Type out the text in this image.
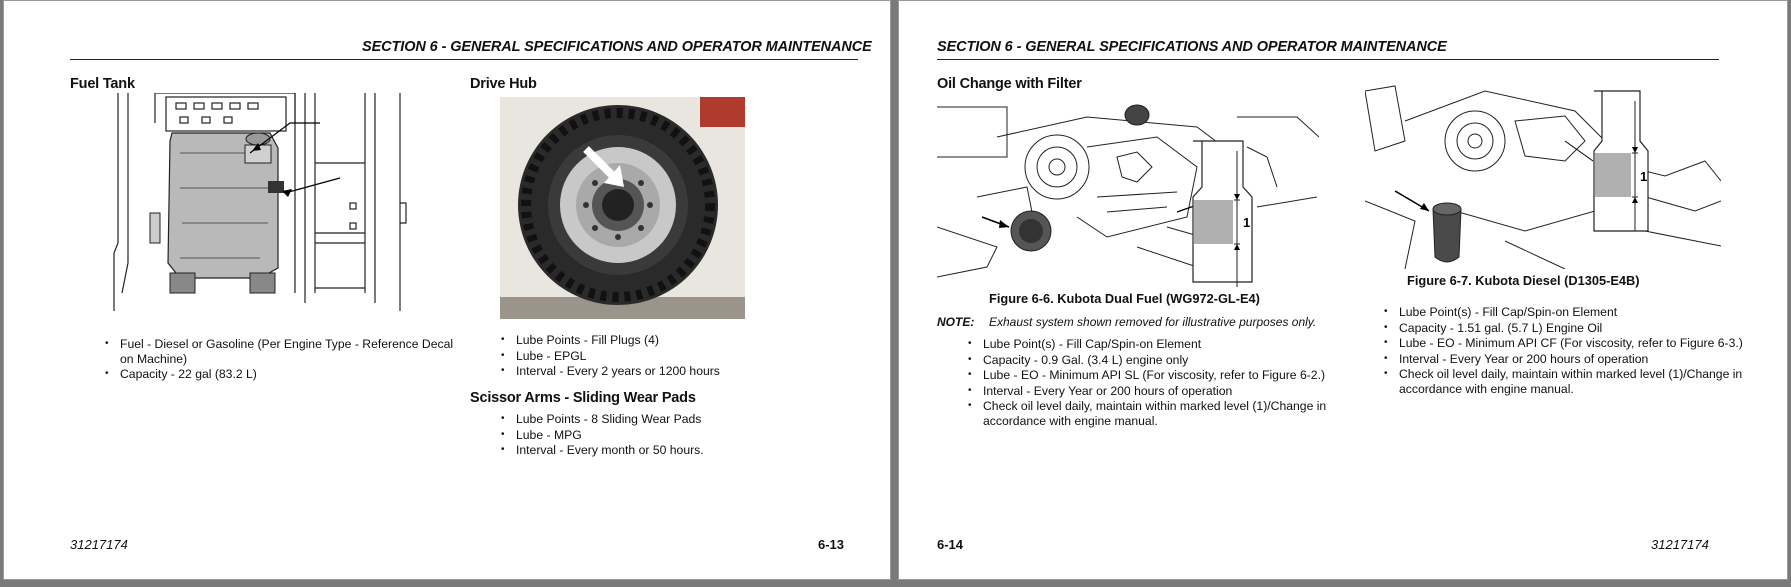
SECTION 6 - GENERAL SPECIFICATIONS AND OPERATOR MAINTENANCE
Fuel Tank
• Fuel - Diesel or Gasoline (Per Engine Type - Reference Decal on Machine)
• Capacity - 22 gal (83.2 L)
Drive Hub
• Lube Points - Fill Plugs (4)
• Lube - EPGL
• Interval - Every 2 years or 1200 hours
Scissor Arms - Sliding Wear Pads
• Lube Points - 8 Sliding Wear Pads
• Lube - MPG
• Interval - Every month or 50 hours.
31217174	6-13
SECTION 6 - GENERAL SPECIFICATIONS AND OPERATOR MAINTENANCE
Oil Change with Filter
1
Figure 6-6. Kubota Dual Fuel (WG972-GL-E4)
NOTE: Exhaust system shown removed for illustrative purposes only.
• Lube Point(s) - Fill Cap/Spin-on Element
• Capacity - 0.9 Gal. (3.4 L) engine only
• Lube - EO - Minimum API SL (For viscosity, refer to Figure 6-2.)
• Interval - Every Year or 200 hours of operation
• Check oil level daily, maintain within marked level (1)/Change in accordance with engine manual.
1
Figure 6-7. Kubota Diesel (D1305-E4B)
• Lube Point(s) - Fill Cap/Spin-on Element
• Capacity - 1.51 gal. (5.7 L) Engine Oil
• Lube - EO - Minimum API CF (For viscosity, refer to Figure 6-3.)
• Interval - Every Year or 200 hours of operation
• Check oil level daily, maintain within marked level (1)/Change in accordance with engine manual.
6-14	31217174
